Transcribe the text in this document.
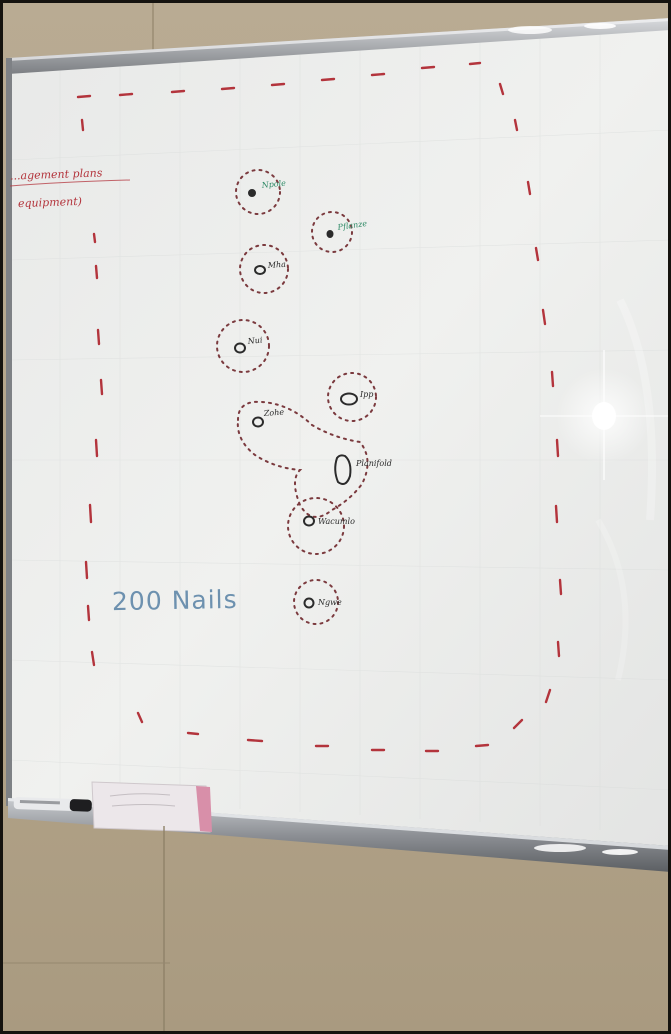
Npole
Pflanze
Mha
Nui
Ipp
Zohe
Planifold
Wacumlo
Ngwe
...agement plans
equipment)
200 Nails
